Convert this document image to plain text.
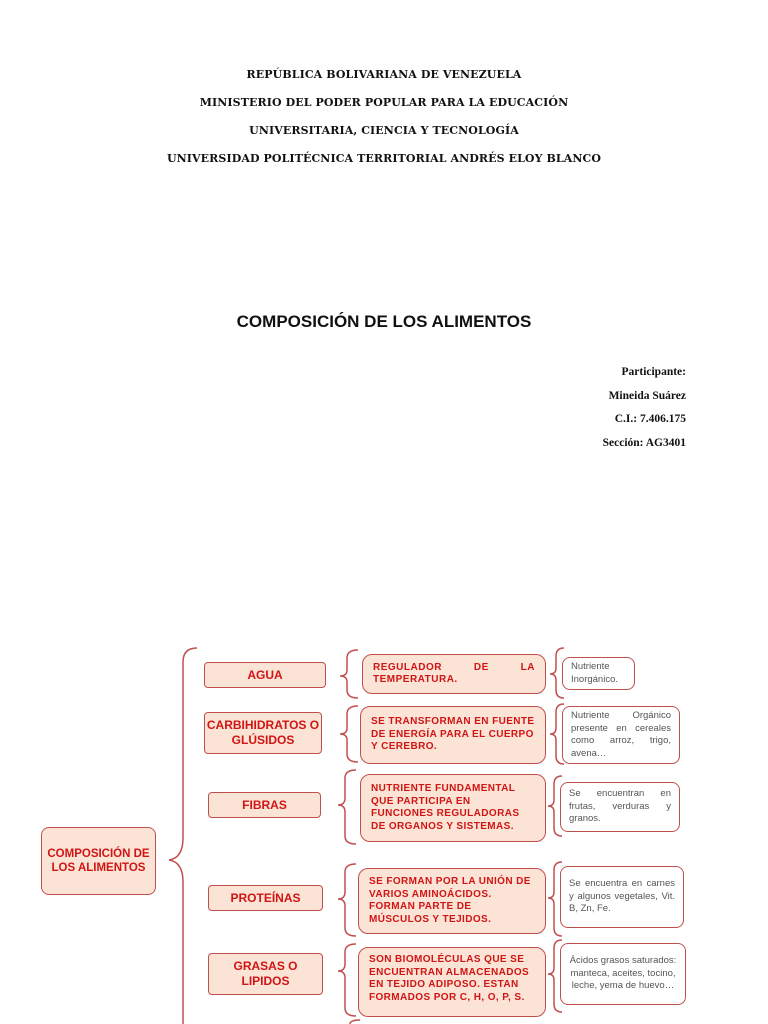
REPÚBLICA BOLIVARIANA DE VENEZUELA
MINISTERIO DEL PODER POPULAR PARA LA EDUCACIÓN
UNIVERSITARIA, CIENCIA Y TECNOLOGÍA
UNIVERSIDAD POLITÉCNICA TERRITORIAL ANDRÉS ELOY BLANCO
COMPOSICIÓN DE LOS ALIMENTOS
Participante:
Mineida Suárez
C.I.: 7.406.175
Sección: AG3401
COMPOSICIÓN DE LOS ALIMENTOS
AGUA
REGULADOR DE LA TEMPERATURA.
Nutriente Inorgánico.
CARBIHIDRATOS O GLÚSIDOS
SE TRANSFORMAN EN FUENTE DE ENERGÍA PARA EL CUERPO Y CEREBRO.
Nutriente Orgánico presente en cereales como arroz, trigo, avena…
FIBRAS
NUTRIENTE FUNDAMENTAL QUE PARTICIPA EN FUNCIONES REGULADORAS DE ORGANOS Y SISTEMAS.
Se encuentran en frutas, verduras y granos.
PROTEÍNAS
SE FORMAN POR LA UNIÓN DE VARIOS AMINOÁCIDOS. FORMAN PARTE DE MÚSCULOS Y TEJIDOS.
Se encuentra en carnes y algunos vegetales, Vit. B, Zn, Fe.
GRASAS O LIPIDOS
SON BIOMOLÉCULAS QUE SE ENCUENTRAN ALMACENADOS EN TEJIDO ADIPOSO. ESTAN FORMADOS POR C, H, O, P, S.
Ácidos grasos saturados: manteca, aceites, tocino, leche, yema de huevo…
